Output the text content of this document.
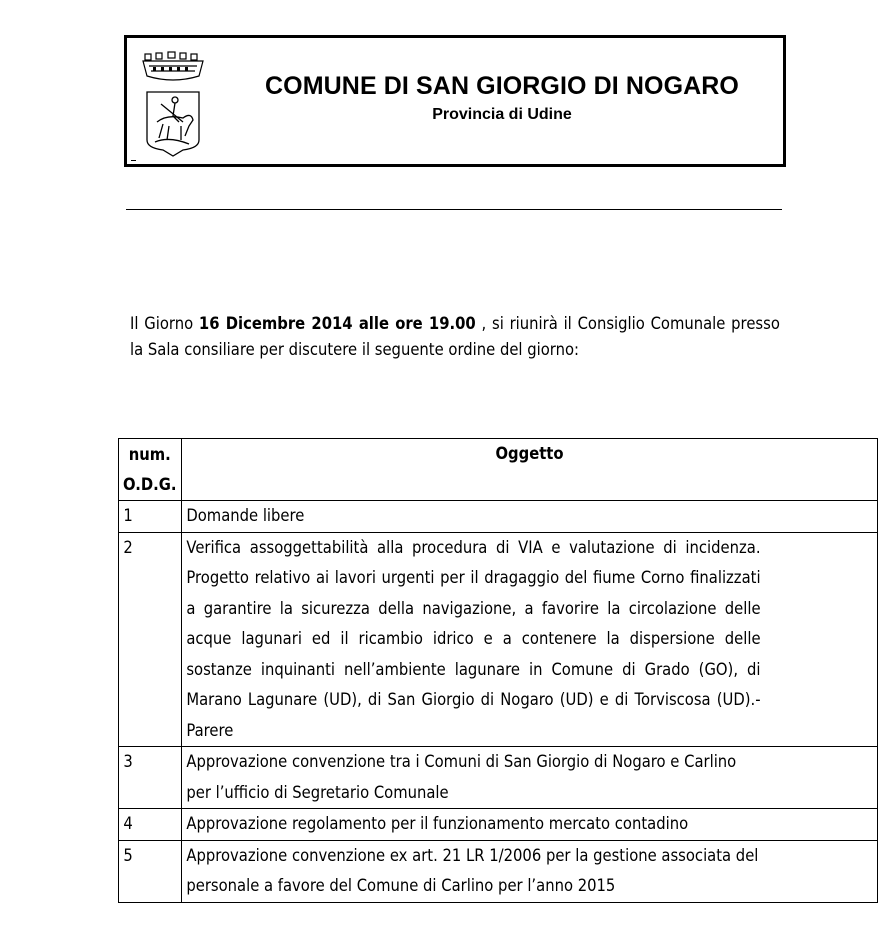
COMUNE DI SAN GIORGIO DI NOGARO
Provincia di Udine
Il Giorno 16 Dicembre 2014 alle ore 19.00 , si riunirà il Consiglio Comunale presso la Sala consiliare per discutere il seguente ordine del giorno:
num.
O.D.G.	Oggetto

1	Domande libere

2	Verifica assoggettabilità alla procedura di VIA e valutazione di incidenza. Progetto relativo ai lavori urgenti per il dragaggio del fiume Corno finalizzati a garantire la sicurezza della navigazione, a favorire la circolazione delle acque lagunari ed il ricambio idrico e a contenere la dispersione delle sostanze inquinanti nell’ambiente lagunare in Comune di Grado (GO), di Marano Lagunare (UD), di San Giorgio di Nogaro (UD) e di Torviscosa (UD).-Parere

3	Approvazione convenzione tra i Comuni di San Giorgio di Nogaro e Carlino per l’ufficio di Segretario Comunale

4	Approvazione regolamento per il funzionamento mercato contadino

5	Approvazione convenzione ex art. 21 LR 1/2006 per la gestione associata del personale a favore del Comune di Carlino per l’anno 2015
